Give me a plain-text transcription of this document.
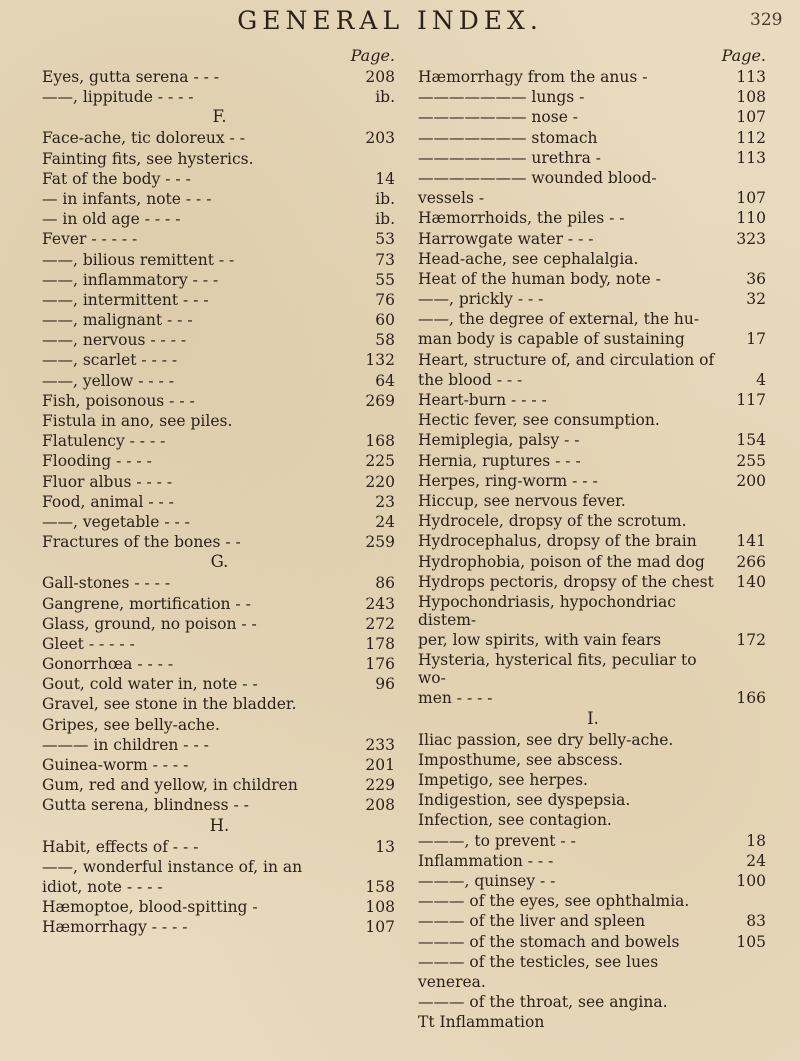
GENERAL INDEX.	329
Page.
Eyes, gutta serena - - -	208
——, lippitude - - - -	ib.
F.
Face-ache, tic doloreux - -	203
Fainting fits, see hysterics.
Fat of the body - - -	14
— in infants, note - - -	ib.
— in old age - - - -	ib.
Fever - - - - -	53
——, bilious remittent - -	73
——, inflammatory - - -	55
——, intermittent - - -	76
——, malignant - - -	60
——, nervous - - - -	58
——, scarlet - - - -	132
——, yellow - - - -	64
Fish, poisonous - - -	269
Fistula in ano, see piles.
Flatulency - - - -	168
Flooding - - - -	225
Fluor albus - - - -	220
Food, animal - - -	23
——, vegetable - - -	24
Fractures of the bones - -	259
G.
Gall-stones - - - -	86
Gangrene, mortification - -	243
Glass, ground, no poison - -	272
Gleet - - - - -	178
Gonorrhœa - - - -	176
Gout, cold water in, note - -	96
Gravel, see stone in the bladder.
Gripes, see belly-ache.
——— in children - - -	233
Guinea-worm - - - -	201
Gum, red and yellow, in children	229
Gutta serena, blindness - -	208
H.
Habit, effects of - - -	13
——, wonderful instance of, in an
idiot, note - - - -	158
Hæmoptoe, blood-spitting -	108
Hæmorrhagy - - - -	107
Page.
Hæmorrhagy from the anus -	113
——————— lungs -	108
——————— nose -	107
——————— stomach	112
——————— urethra -	113
——————— wounded blood-
vessels -	107
Hæmorrhoids, the piles - -	110
Harrowgate water - - -	323
Head-ache, see cephalalgia.
Heat of the human body, note -	36
——, prickly - - -	32
——, the degree of external, the hu-
man body is capable of sustaining	17
Heart, structure of, and circulation of
the blood - - -	4
Heart-burn - - - -	117
Hectic fever, see consumption.
Hemiplegia, palsy - -	154
Hernia, ruptures - - -	255
Herpes, ring-worm - - -	200
Hiccup, see nervous fever.
Hydrocele, dropsy of the scrotum.
Hydrocephalus, dropsy of the brain	141
Hydrophobia, poison of the mad dog	266
Hydrops pectoris, dropsy of the chest	140
Hypochondriasis, hypochondriac distem-
per, low spirits, with vain fears	172
Hysteria, hysterical fits, peculiar to wo-
men - - - -	166
I.
Iliac passion, see dry belly-ache.
Imposthume, see abscess.
Impetigo, see herpes.
Indigestion, see dyspepsia.
Infection, see contagion.
———, to prevent - -	18
Inflammation - - -	24
———, quinsey - -	100
——— of the eyes, see ophthalmia.
——— of the liver and spleen	83
——— of the stomach and bowels	105
——— of the testicles, see lues
venerea.
——— of the throat, see angina.
Tt Inflammation
